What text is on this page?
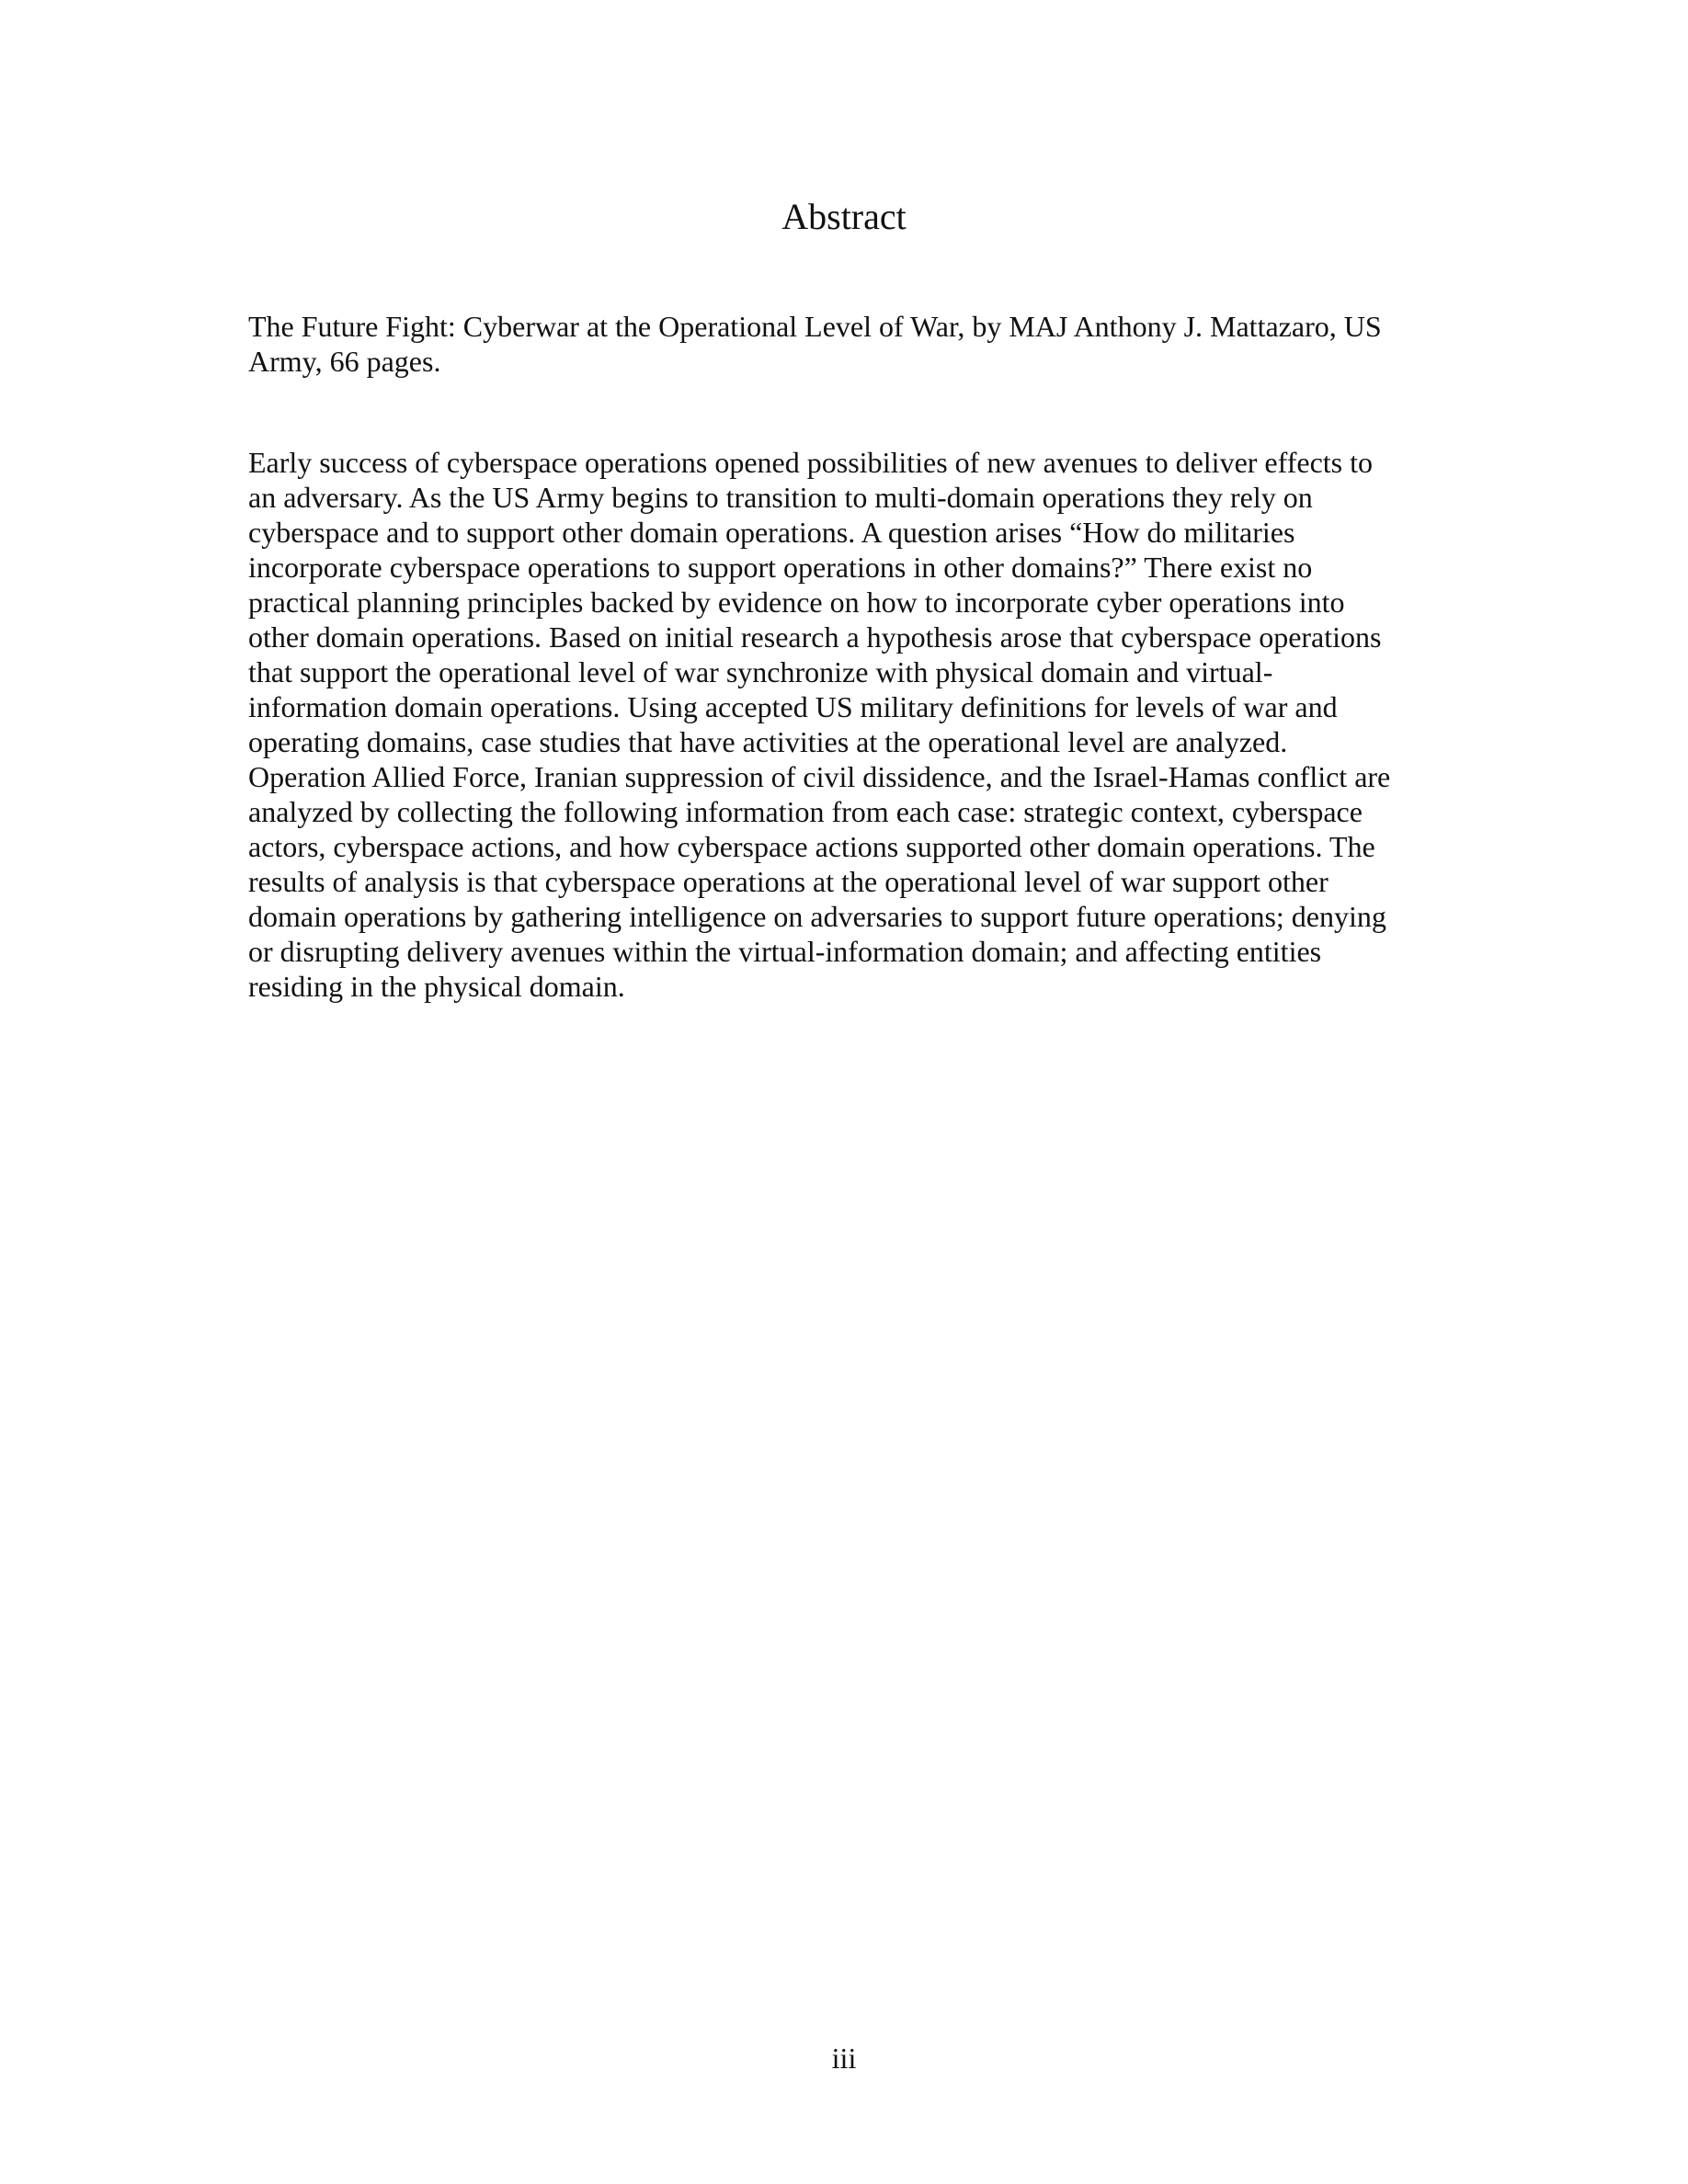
Abstract

The Future Fight: Cyberwar at the Operational Level of War, by MAJ Anthony J. Mattazaro, US
Army, 66 pages.

Early success of cyberspace operations opened possibilities of new avenues to deliver effects to
an adversary. As the US Army begins to transition to multi-domain operations they rely on
cyberspace and to support other domain operations. A question arises “How do militaries
incorporate cyberspace operations to support operations in other domains?” There exist no
practical planning principles backed by evidence on how to incorporate cyber operations into
other domain operations. Based on initial research a hypothesis arose that cyberspace operations
that support the operational level of war synchronize with physical domain and virtual-
information domain operations. Using accepted US military definitions for levels of war and
operating domains, case studies that have activities at the operational level are analyzed.
Operation Allied Force, Iranian suppression of civil dissidence, and the Israel-Hamas conflict are
analyzed by collecting the following information from each case: strategic context, cyberspace
actors, cyberspace actions, and how cyberspace actions supported other domain operations. The
results of analysis is that cyberspace operations at the operational level of war support other
domain operations by gathering intelligence on adversaries to support future operations; denying
or disrupting delivery avenues within the virtual-information domain; and affecting entities
residing in the physical domain.

iii
